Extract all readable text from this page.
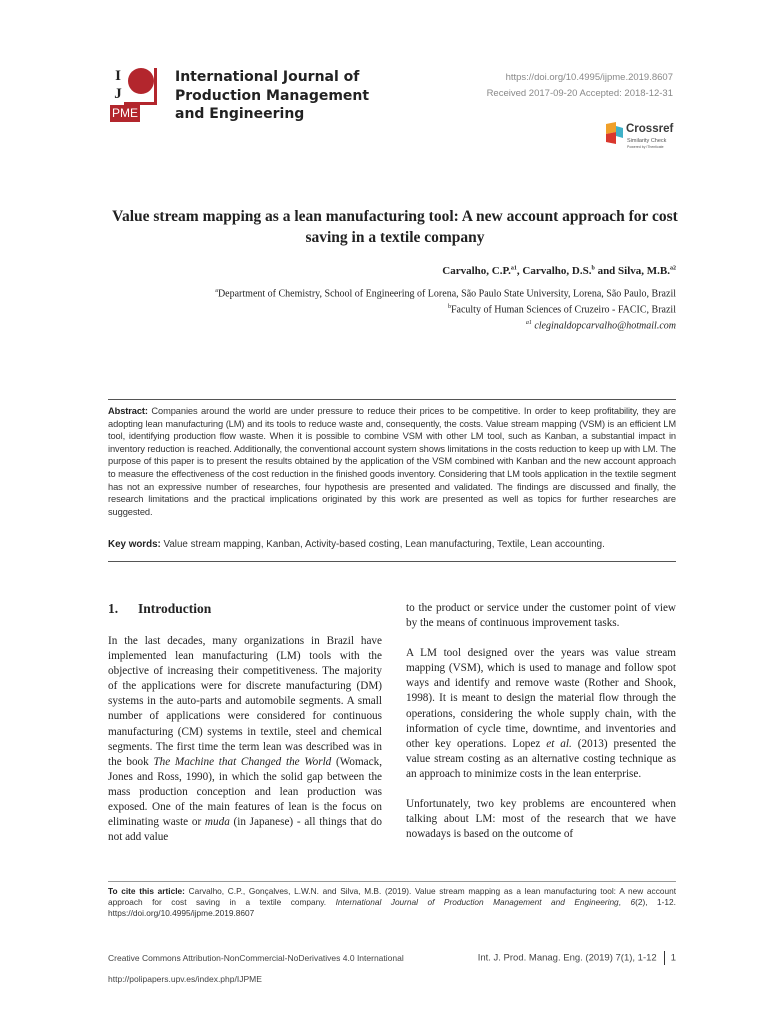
I
J
PME
International Journal of Production Management and Engineering
https://doi.org/10.4995/ijpme.2019.8607
Received 2017-09-20 Accepted: 2018-12-31
Crossref
Similarity Check
Powered by iThenticate
Value stream mapping as a lean manufacturing tool: A new account approach for cost saving in a textile company
Carvalho, C.P.$^{a1}$, Carvalho, D.S.$^b$ and Silva, M.B.$^{a2}$
$^a$Department of Chemistry, School of Engineering of Lorena, São Paulo State University, Lorena, São Paulo, Brazil
$^b$Faculty of Human Sciences of Cruzeiro - FACIC, Brazil
$^{a1}$ cleginaldopcarvalho@hotmail.com
Abstract: Companies around the world are under pressure to reduce their prices to be competitive. In order to keep profitability, they are adopting lean manufacturing (LM) and its tools to reduce waste and, consequently, the costs. Value stream mapping (VSM) is an efficient LM tool, identifying production flow waste. When it is possible to combine VSM with other LM tool, such as Kanban, a substantial impact in inventory reduction is reached. Additionally, the conventional account system shows limitations in the costs reduction to keep up with LM. The purpose of this paper is to present the results obtained by the application of the VSM combined with Kanban and the new account approach to measure the effectiveness of the cost reduction in the finished goods inventory. Considering that LM tools application in the textile segment has not an expressive number of researches, four hypothesis are presented and validated. The findings are discussed and finally, the research limitations and the practical implications originated by this work are presented as well as topics for further researches are suggested.
Key words: Value stream mapping, Kanban, Activity-based costing, Lean manufacturing, Textile, Lean accounting.
1. Introduction

In the last decades, many organizations in Brazil have implemented lean manufacturing (LM) tools with the objective of increasing their competitiveness. The majority of the applications were for discrete manufacturing (DM) systems in the auto-parts and automobile segments. A small number of applications were considered for continuous manufacturing (CM) systems in textile, steel and chemical segments. The first time the term lean was described was in the book The Machine that Changed the World (Womack, Jones and Ross, 1990), in which the solid gap between the mass production conception and lean production was exposed. One of the main features of lean is the focus on eliminating waste or muda (in Japanese) - all things that do not add value

to the product or service under the customer point of view by the means of continuous improvement tasks.

A LM tool designed over the years was value stream mapping (VSM), which is used to manage and follow spot ways and identify and remove waste (Rother and Shook, 1998). It is meant to design the material flow through the operations, considering the whole supply chain, with the information of cycle time, downtime, and inventories and other key operations. Lopez et al. (2013) presented the value stream costing as an alternative costing technique as an approach to minimize costs in the lean enterprise.

Unfortunately, two key problems are encountered when talking about LM: most of the research that we have nowadays is based on the outcome of

To cite this article: Carvalho, C.P., Gonçalves, L.W.N. and Silva, M.B. (2019). Value stream mapping as a lean manufacturing tool: A new account approach for cost saving in a textile company. International Journal of Production Management and Engineering, 6(2), 1-12. https://doi.org/10.4995/ijpme.2019.8607
Creative Commons Attribution-NonCommercial-NoDerivatives 4.0 International
http://polipapers.upv.es/index.php/IJPME
Int. J. Prod. Manag. Eng. (2019) 7(1), 1-12 1
